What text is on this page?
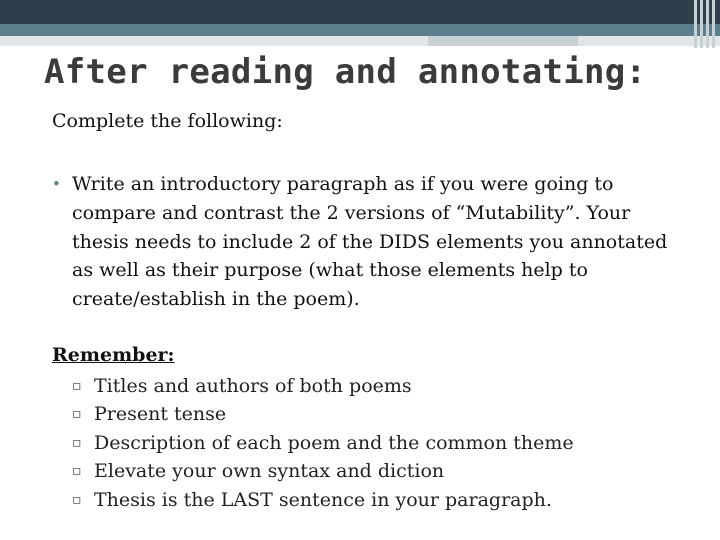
After reading and annotating:

Complete the following:

• Write an introductory paragraph as if you were going to compare and contrast the 2 versions of “Mutability”. Your thesis needs to include 2 of the DIDS elements you annotated as well as their purpose (what those elements help to create/establish in the poem).

Remember:

▫ Titles and authors of both poems
▫ Present tense
▫ Description of each poem and the common theme
▫ Elevate your own syntax and diction
▫ Thesis is the LAST sentence in your paragraph.
